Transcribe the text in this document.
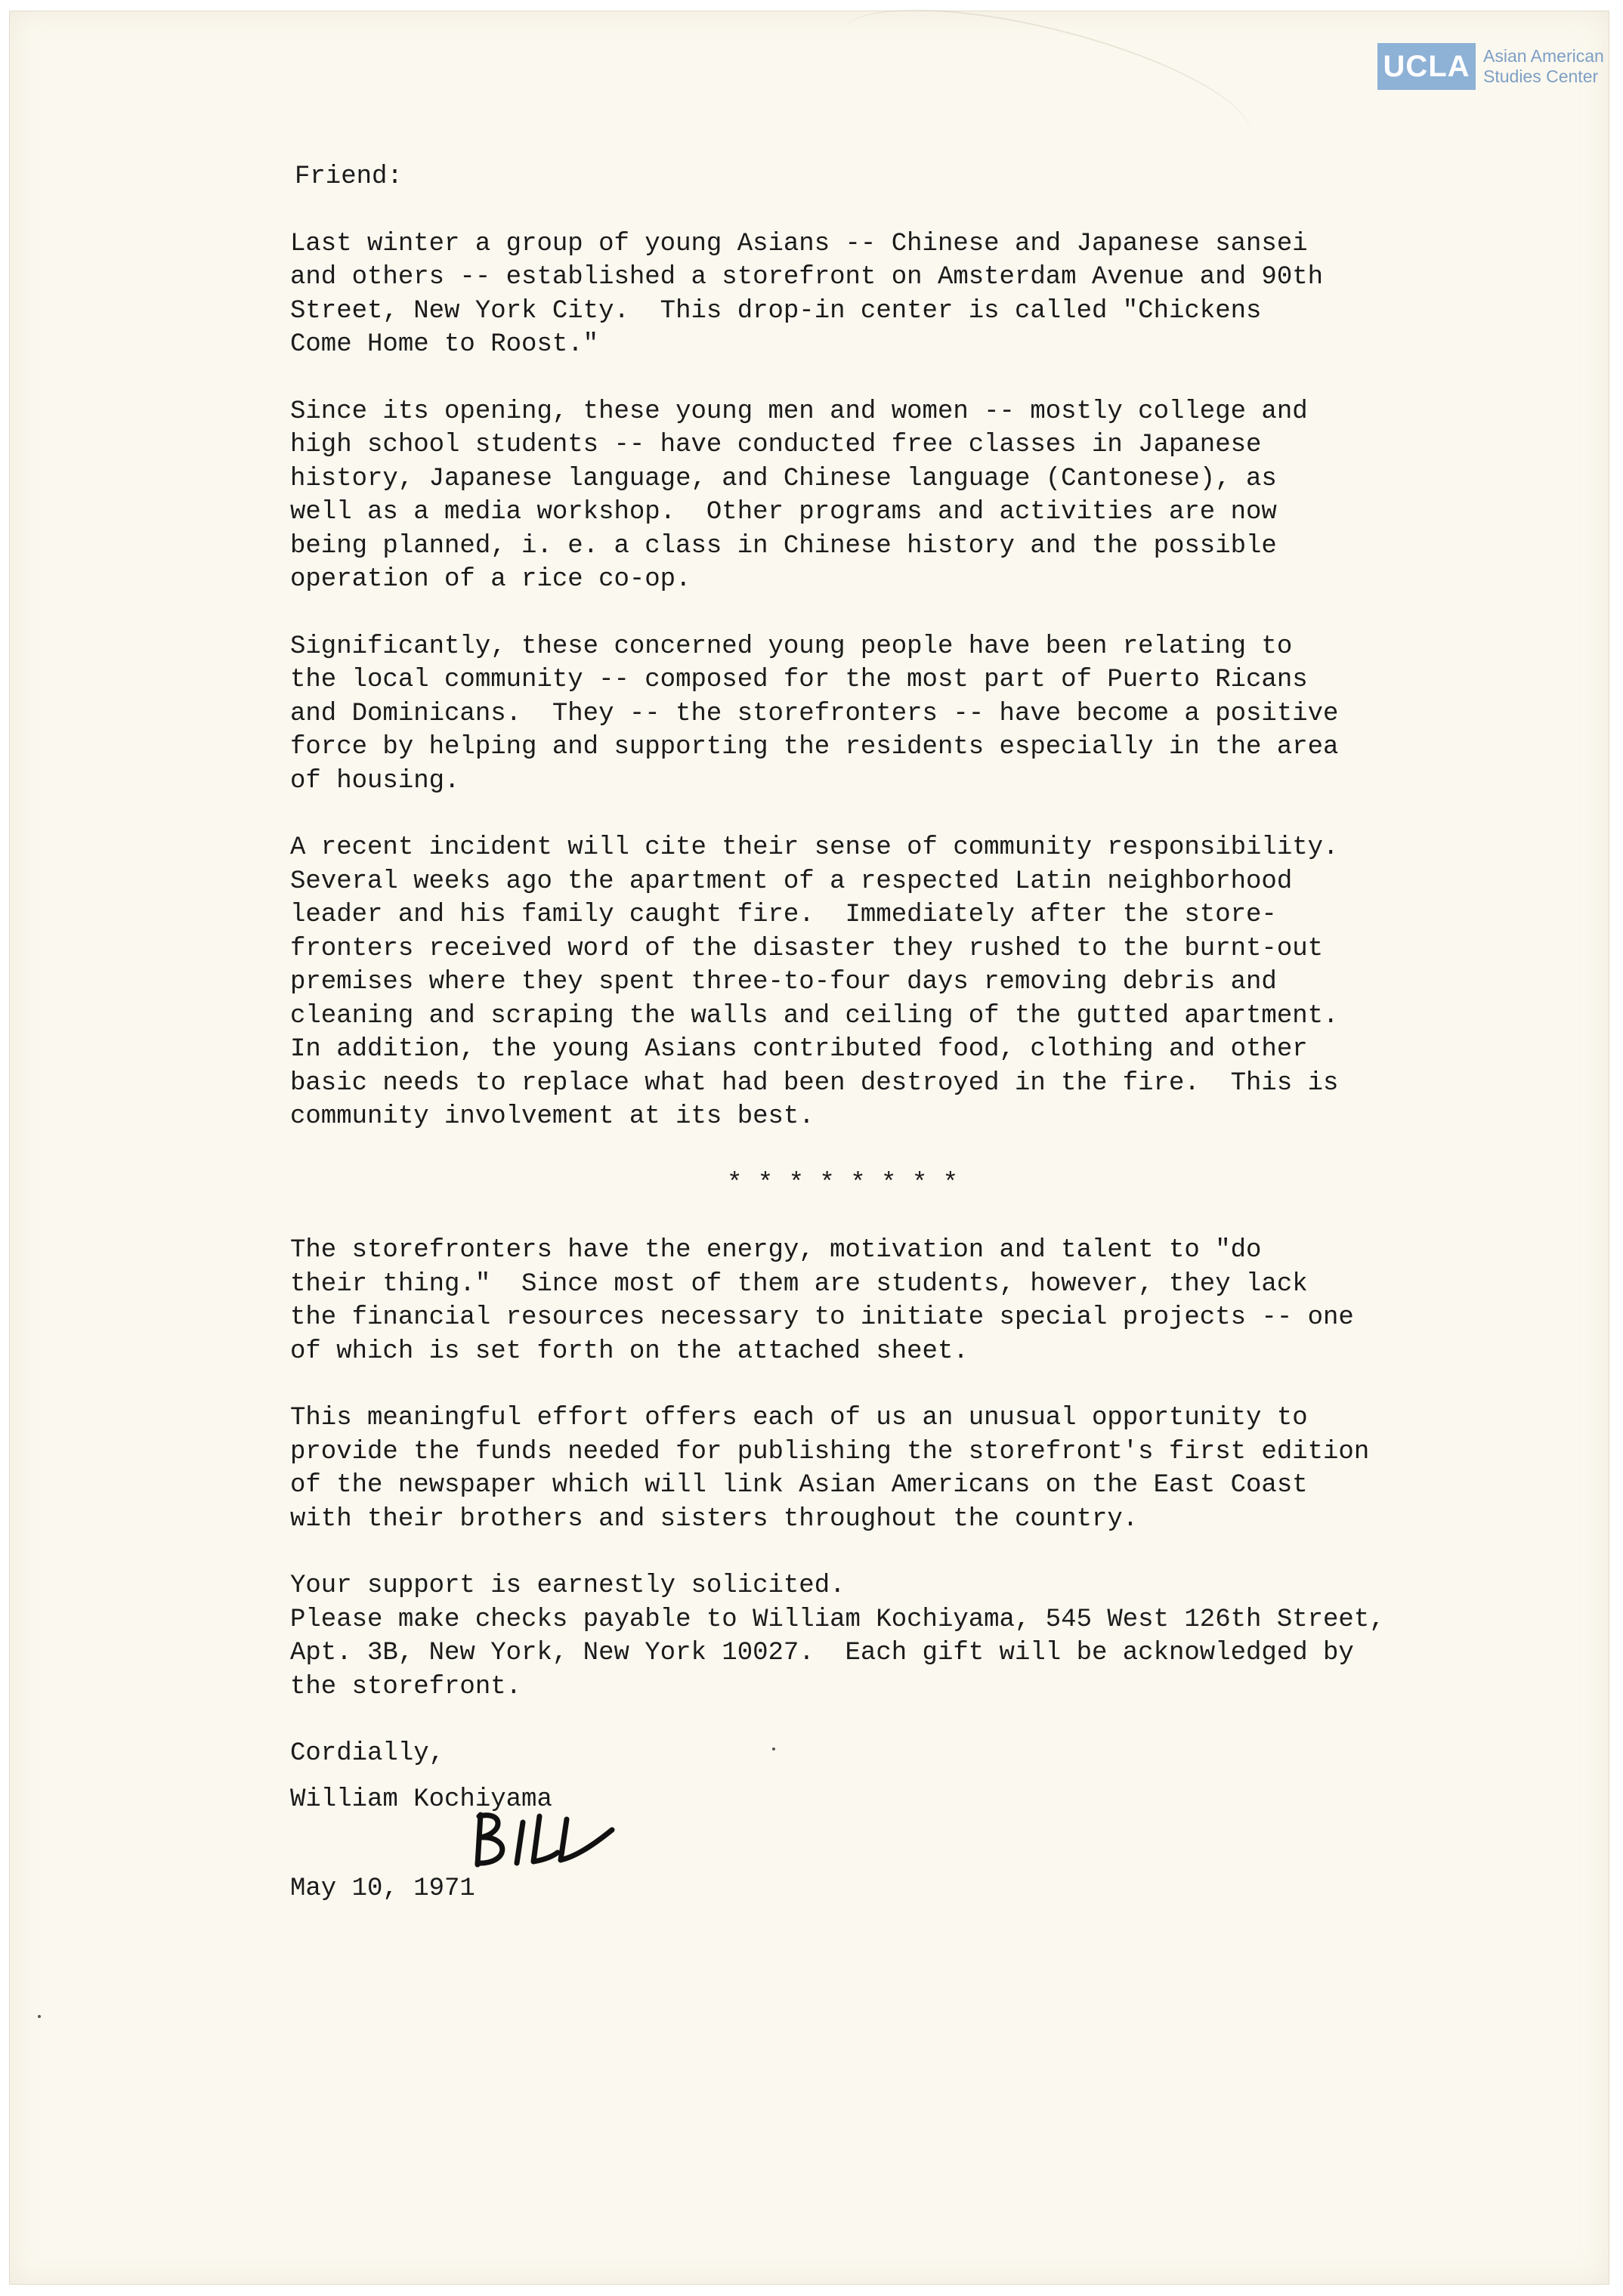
UCLA Asian American
Studies Center
Friend:
Last winter a group of young Asians -- Chinese and Japanese sansei
and others -- established a storefront on Amsterdam Avenue and 90th
Street, New York City.  This drop-in center is called "Chickens
Come Home to Roost."
Since its opening, these young men and women -- mostly college and
high school students -- have conducted free classes in Japanese
history, Japanese language, and Chinese language (Cantonese), as
well as a media workshop.  Other programs and activities are now
being planned, i. e. a class in Chinese history and the possible
operation of a rice co-op.
Significantly, these concerned young people have been relating to
the local community -- composed for the most part of Puerto Ricans
and Dominicans.  They -- the storefronters -- have become a positive
force by helping and supporting the residents especially in the area
of housing.
A recent incident will cite their sense of community responsibility.
Several weeks ago the apartment of a respected Latin neighborhood
leader and his family caught fire.  Immediately after the store-
fronters received word of the disaster they rushed to the burnt-out
premises where they spent three-to-four days removing debris and
cleaning and scraping the walls and ceiling of the gutted apartment.
In addition, the young Asians contributed food, clothing and other
basic needs to replace what had been destroyed in the fire.  This is
community involvement at its best.
* * * * * * * *
The storefronters have the energy, motivation and talent to "do
their thing."  Since most of them are students, however, they lack
the financial resources necessary to initiate special projects -- one
of which is set forth on the attached sheet.
This meaningful effort offers each of us an unusual opportunity to
provide the funds needed for publishing the storefront's first edition
of the newspaper which will link Asian Americans on the East Coast
with their brothers and sisters throughout the country.
Your support is earnestly solicited.
Please make checks payable to William Kochiyama, 545 West 126th Street,
Apt. 3B, New York, New York 10027.  Each gift will be acknowledged by
the storefront.
Cordially,
William Kochiyama
May 10, 1971
